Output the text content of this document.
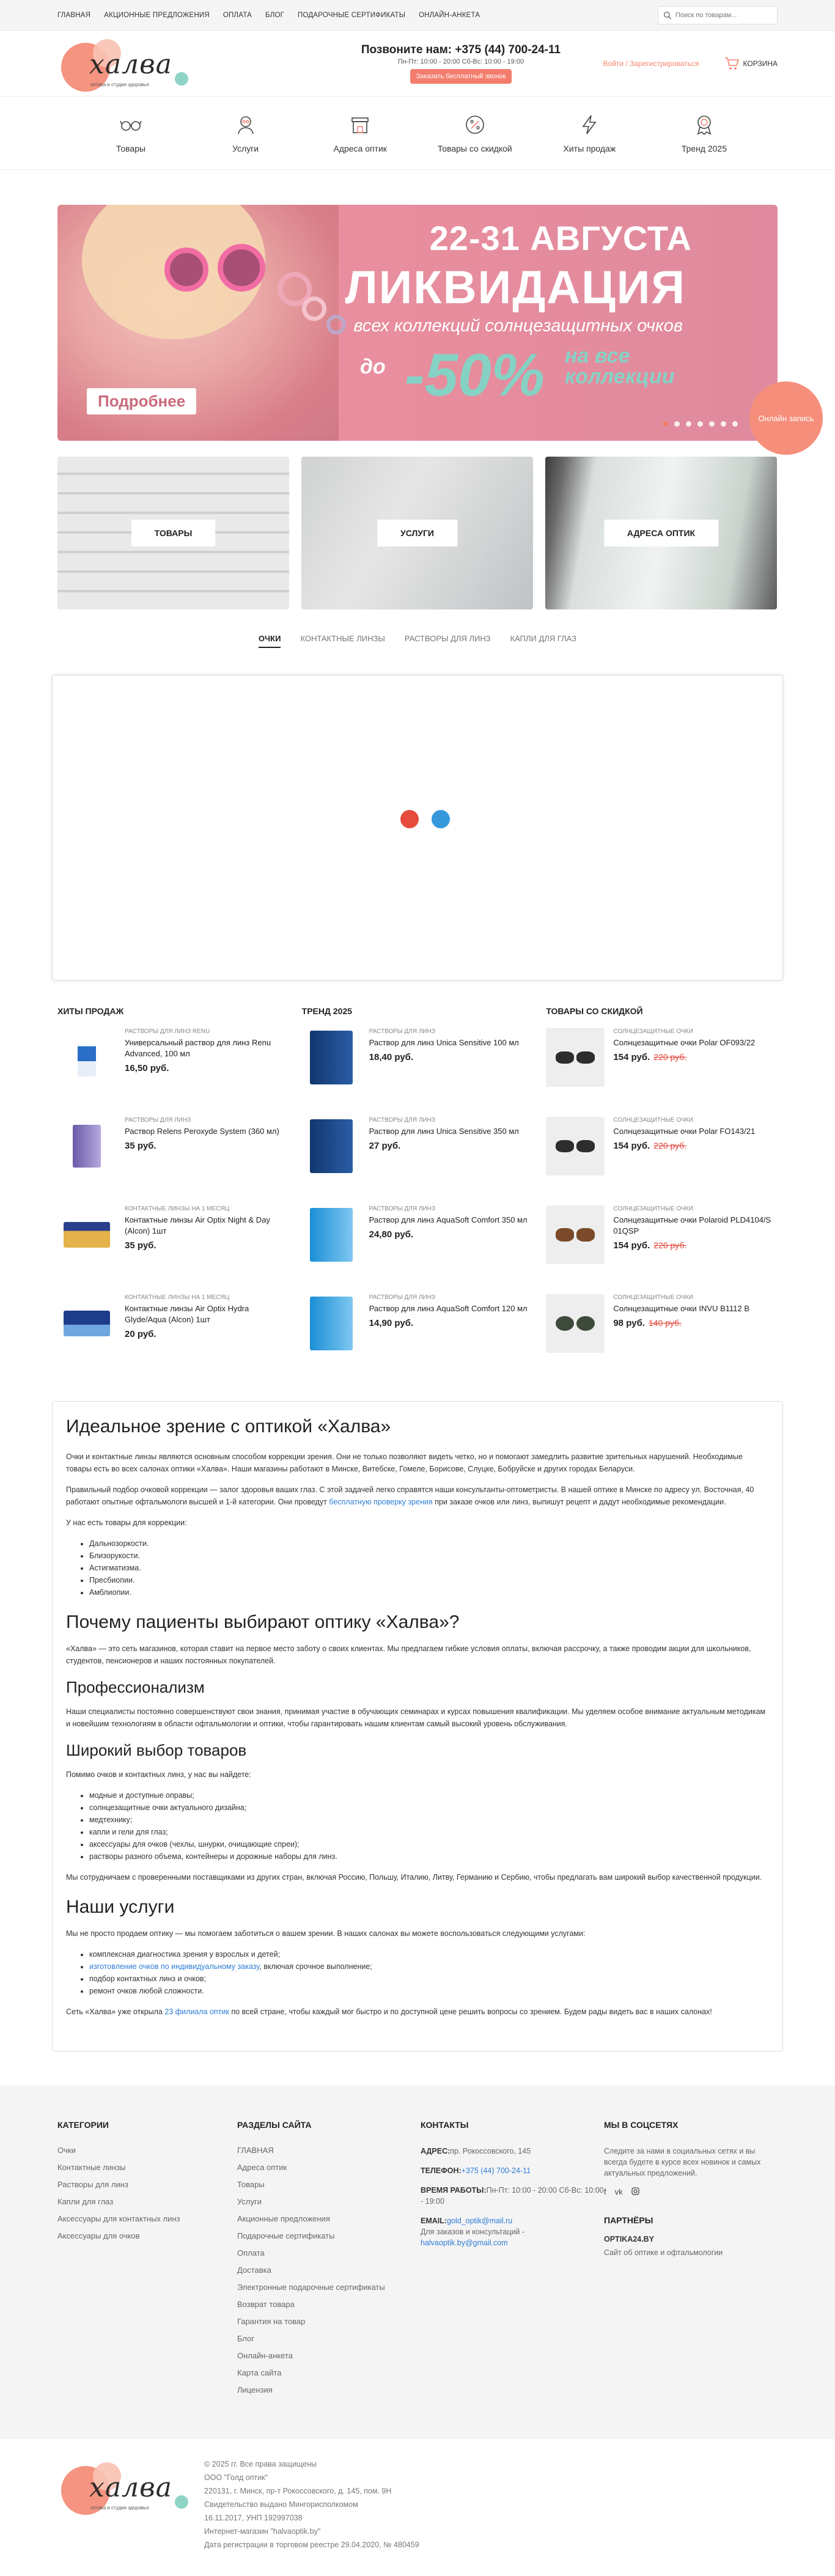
ГЛАВНАЯ АКЦИОННЫЕ ПРЕДЛОЖЕНИЯ ОПЛАТА БЛОГ ПОДАРОЧНЫЕ СЕРТИФИКАТЫ ОНЛАЙН-АНКЕТА
Поиск по товарам...
халва
оптика и студия здоровья
Позвоните нам: +375 (44) 700-24-11
Пн-Пт: 10:00 - 20:00 Сб-Вс: 10:00 - 19:00
Заказать бесплатный звонок
Войти / Зарегистрироваться	КОРЗИНА
Товары	Услуги	Адреса оптик	Товары со скидкой	Хиты продаж	Тренд 2025
Онлайн запись
22-31 АВГУСТА
ЛИКВИДАЦИЯ
всех коллекций солнцезащитных очков
до -50% на все
коллекции
Подробнее
ТОВАРЫ	УСЛУГИ	АДРЕСА ОПТИК
ОЧКИ КОНТАКТНЫЕ ЛИНЗЫ РАСТВОРЫ ДЛЯ ЛИНЗ КАПЛИ ДЛЯ ГЛАЗ
ХИТЫ ПРОДАЖ
РАСТВОРЫ ДЛЯ ЛИНЗ RENU
Универсальный раствор для линз Renu Advanced, 100 мл
16,50 руб.
РАСТВОРЫ ДЛЯ ЛИНЗ
Раствор Relens Peroxyde System (360 мл)
35 руб.
КОНТАКТНЫЕ ЛИНЗЫ НА 1 МЕСЯЦ
Контактные линзы Air Optix Night & Day (Alcon) 1шт
35 руб.
КОНТАКТНЫЕ ЛИНЗЫ НА 1 МЕСЯЦ
Контактные линзы Air Optix Hydra Glyde/Aqua (Alcon) 1шт
20 руб.
ТРЕНД 2025
РАСТВОРЫ ДЛЯ ЛИНЗ
Раствор для линз Unica Sensitive 100 мл
18,40 руб.
РАСТВОРЫ ДЛЯ ЛИНЗ
Раствор для линз Unica Sensitive 350 мл
27 руб.
РАСТВОРЫ ДЛЯ ЛИНЗ
Раствор для линз AquaSoft Comfort 350 мл
24,80 руб.
РАСТВОРЫ ДЛЯ ЛИНЗ
Раствор для линз AquaSoft Comfort 120 мл
14,90 руб.
ТОВАРЫ СО СКИДКОЙ
СОЛНЦЕЗАЩИТНЫЕ ОЧКИ
Солнцезащитные очки Polar OF093/22
154 руб. 220 руб.
СОЛНЦЕЗАЩИТНЫЕ ОЧКИ
Солнцезащитные очки Polar FO143/21
154 руб. 220 руб.
СОЛНЦЕЗАЩИТНЫЕ ОЧКИ
Солнцезащитные очки Polaroid PLD4104/S 01QSP
154 руб. 220 руб.
СОЛНЦЕЗАЩИТНЫЕ ОЧКИ
Солнцезащитные очки INVU B1112 B
98 руб. 140 руб.
Идеальное зрение с оптикой «Халва»

Очки и контактные линзы являются основным способом коррекции зрения. Они не только позволяют видеть четко, но и помогают замедлить развитие зрительных нарушений. Необходимые товары есть во всех салонах оптики «Халва». Наши магазины работают в Минске, Витебске, Гомеле, Борисове, Слуцке, Бобруйске и других городах Беларуси.

Правильный подбор очковой коррекции — залог здоровья ваших глаз. С этой задачей легко справятся наши консультанты-оптометристы. В нашей оптике в Минске по адресу ул. Восточная, 40 работают опытные офтальмологи высшей и 1-й категории. Они проведут бесплатную проверку зрения при заказе очков или линз, выпишут рецепт и дадут необходимые рекомендации.

У нас есть товары для коррекции:

• Дальнозоркости.
• Близорукости.
• Астигматизма.
• Пресбиопии.
• Амблиопии.
Почему пациенты выбирают оптику «Халва»?

«Халва» — это сеть магазинов, которая ставит на первое место заботу о своих клиентах. Мы предлагаем гибкие условия оплаты, включая рассрочку, а также проводим акции для школьников, студентов, пенсионеров и наших постоянных покупателей.

Профессионализм

Наши специалисты постоянно совершенствуют свои знания, принимая участие в обучающих семинарах и курсах повышения квалификации. Мы уделяем особое внимание актуальным методикам и новейшим технологиям в области офтальмологии и оптики, чтобы гарантировать нашим клиентам самый высокий уровень обслуживания.

Широкий выбор товаров

Помимо очков и контактных линз, у нас вы найдете:

• модные и доступные оправы;
• солнцезащитные очки актуального дизайна;
• медтехнику;
• капли и гели для глаз;
• аксессуары для очков (чехлы, шнурки, очищающие спреи);
• растворы разного объема, контейнеры и дорожные наборы для линз.

Мы сотрудничаем с проверенными поставщиками из других стран, включая Россию, Польшу, Италию, Литву, Германию и Сербию, чтобы предлагать вам широкий выбор качественной продукции.

Наши услуги

Мы не просто продаем оптику — мы помогаем заботиться о вашем зрении. В наших салонах вы можете воспользоваться следующими услугами:

• комплексная диагностика зрения у взрослых и детей;
• изготовление очков по индивидуальному заказу, включая срочное выполнение;
• подбор контактных линз и очков;
• ремонт очков любой сложности.

Сеть «Халва» уже открыла 23 филиала оптик по всей стране, чтобы каждый мог быстро и по доступной цене решить вопросы со зрением. Будем рады видеть вас в наших салонах!

КАТЕГОРИИ
Очки
Контактные линзы
Растворы для линз
Капли для глаз
Аксессуары для контактных линз
Аксессуары для очков
РАЗДЕЛЫ САЙТА
ГЛАВНАЯ
Адреса оптик
Товары
Услуги
Акционные предложения
Подарочные сертификаты
Оплата
Доставка
Электронные подарочные сертификаты
Возврат товара
Гарантия на товар
Блог
Онлайн-анкета
Карта сайта
Лицензия
КОНТАКТЫ
АДРЕС:пр. Рокоссовского, 145
ТЕЛЕФОН:+375 (44) 700-24-11
ВРЕМЯ РАБОТЫ:Пн-Пт: 10:00 - 20:00 Сб-Вс: 10:00 - 19:00
EMAIL:gold_optik@mail.ru
Для заказов и консультаций -
halvaoptik.by@gmail.com
МЫ В СОЦСЕТЯХ
Следите за нами в социальных сетях и вы всегда будете в курсе всех новинок и самых актуальных предложений.
f vk
ПАРТНЁРЫ
OPTIKA24.BY
Сайт об оптике и офтальмологии
халва
оптика и студия здоровья
© 2025 гг. Все права защищены
ООО "Голд оптик"
220131, г. Минск, пр-т Рокоссовского, д. 145, пом. 9Н
Свидетельство выдано Мингорисполкомом
16.11.2017, УНП 192997038
Интернет-магазин "halvaoptik.by"
Дата регистрации в торговом реестре 29.04.2020, № 480459
